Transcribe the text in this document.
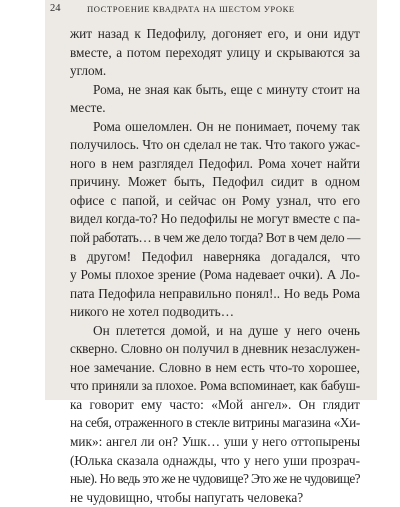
24	ПОСТРОЕНИЕ КВАДРАТА НА ШЕСТОМ УРОКЕ
жит назад к Педофилу, догоняет его, и они идут
вместе, а потом переходят улицу и скрываются за
углом.
Рома, не зная как быть, еще с минуту стоит на
месте.
Рома ошеломлен. Он не понимает, почему так
получилось. Что он сделал не так. Что такого ужас-
ного в нем разглядел Педофил. Рома хочет найти
причину. Может быть, Педофил сидит в одном
офисе с папой, и сейчас он Рому узнал, что его
видел когда-то? Но педофилы не могут вместе с па-
пой работать… в чем же дело тогда? Вот в чем дело —
в другом! Педофил наверняка догадался, что
у Ромы плохое зрение (Рома надевает очки). А Ло-
пата Педофила неправильно понял!.. Но ведь Рома
никого не хотел подводить…
Он плетется домой, и на душе у него очень
скверно. Словно он получил в дневник незаслужен-
ное замечание. Словно в нем есть что-то хорошее,
что приняли за плохое. Рома вспоминает, как бабуш-
ка говорит ему часто: «Мой ангел». Он глядит
на себя, отраженного в стекле витрины магазина «Хи-
мик»: ангел ли он? Ушк… уши у него оттопырены
(Юлька сказала однажды, что у него уши прозрач-
ные). Но ведь это же не чудовище? Это же не чудовище?
не чудовищно, чтобы напугать человека?
